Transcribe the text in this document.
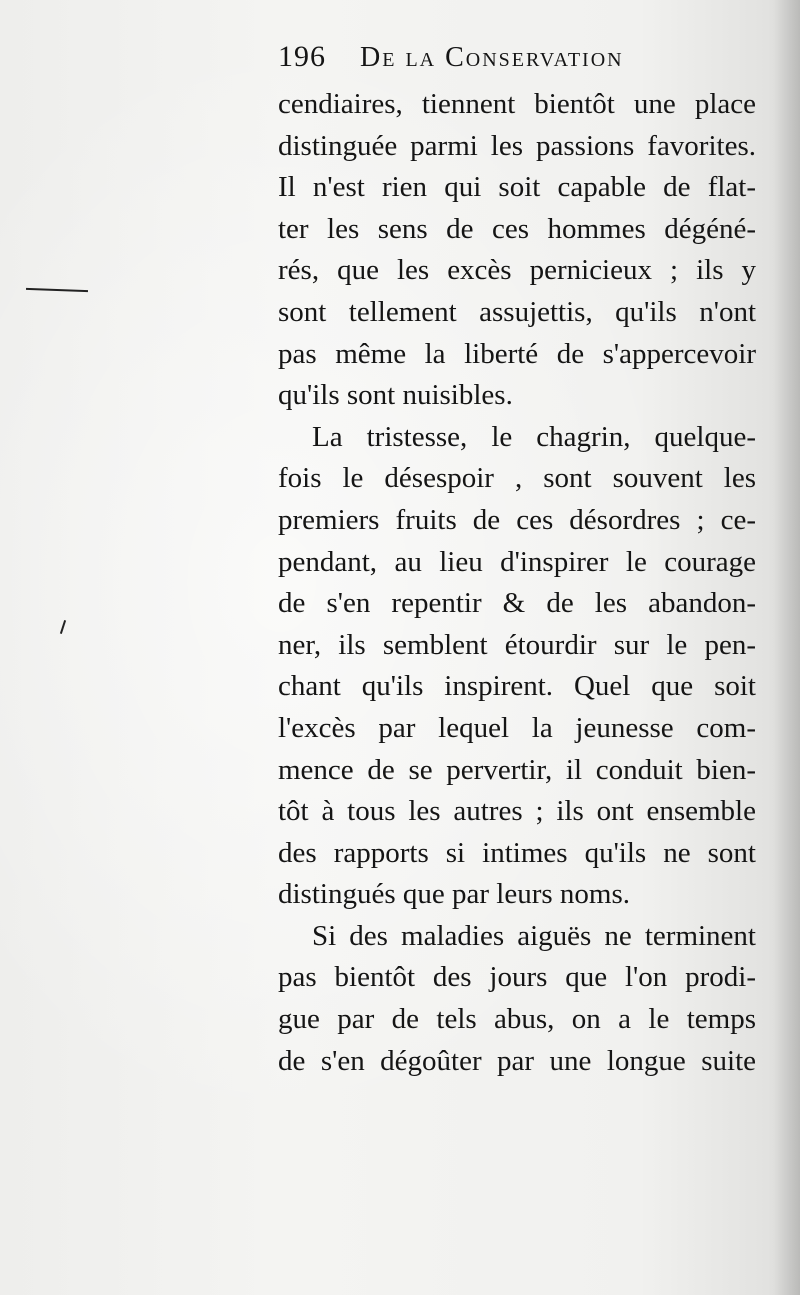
196 De la Conservation
cendiaires, tiennent bientôt une place
distinguée parmi les passions favorites.
Il n'est rien qui soit capable de flat-
ter les sens de ces hommes dégéné-
rés, que les excès pernicieux ; ils y
sont tellement assujettis, qu'ils n'ont
pas même la liberté de s'appercevoir
qu'ils sont nuisibles.
La tristesse, le chagrin, quelque-
fois le désespoir , sont souvent les
premiers fruits de ces désordres ; ce-
pendant, au lieu d'inspirer le courage
de s'en repentir & de les abandon-
ner, ils semblent étourdir sur le pen-
chant qu'ils inspirent. Quel que soit
l'excès par lequel la jeunesse com-
mence de se pervertir, il conduit bien-
tôt à tous les autres ; ils ont ensemble
des rapports si intimes qu'ils ne sont
distingués que par leurs noms.
Si des maladies aiguës ne terminent
pas bientôt des jours que l'on prodi-
gue par de tels abus, on a le temps
de s'en dégoûter par une longue suite
